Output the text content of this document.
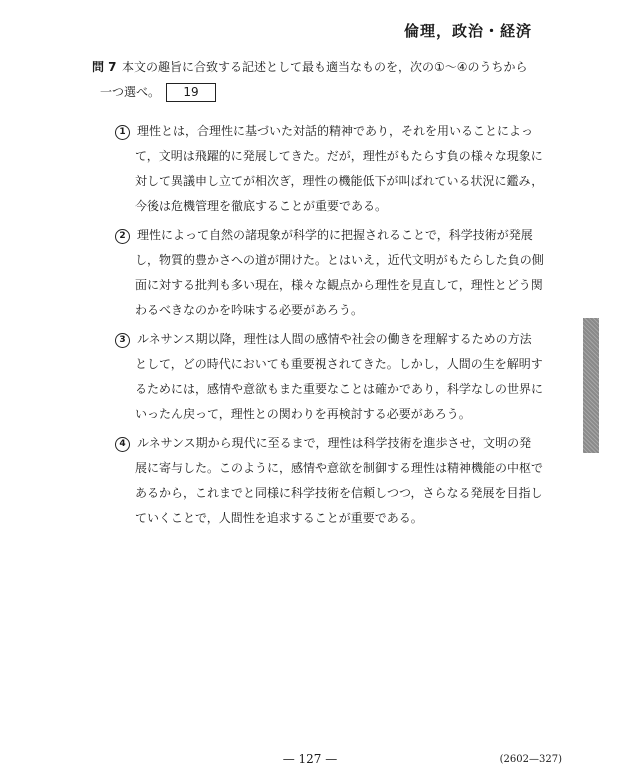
倫理，政治・経済
問 7 本文の趣旨に合致する記述として最も適当なものを，次の①～④のうちから
一つ選べ。 19
1 理性とは，合理性に基づいた対話的精神であり，それを用いることによっ
て，文明は飛躍的に発展してきた。だが，理性がもたらす負の様々な現象に
対して異議申し立てが相次ぎ，理性の機能低下が叫ばれている状況に鑑み，
今後は危機管理を徹底することが重要である。
2 理性によって自然の諸現象が科学的に把握されることで，科学技術が発展
し，物質的豊かさへの道が開けた。とはいえ，近代文明がもたらした負の側
面に対する批判も多い現在，様々な観点から理性を見直して，理性とどう関
わるべきなのかを吟味する必要があろう。
3 ルネサンス期以降，理性は人間の感情や社会の働きを理解するための方法
として，どの時代においても重要視されてきた。しかし，人間の生を解明す
るためには，感情や意欲もまた重要なことは確かであり，科学なしの世界に
いったん戻って，理性との関わりを再検討する必要があろう。
4 ルネサンス期から現代に至るまで，理性は科学技術を進歩させ，文明の発
展に寄与した。このように，感情や意欲を制御する理性は精神機能の中枢で
あるから，これまでと同様に科学技術を信頼しつつ，さらなる発展を目指し
ていくことで，人間性を追求することが重要である。
— 127 —	(2602—327)
